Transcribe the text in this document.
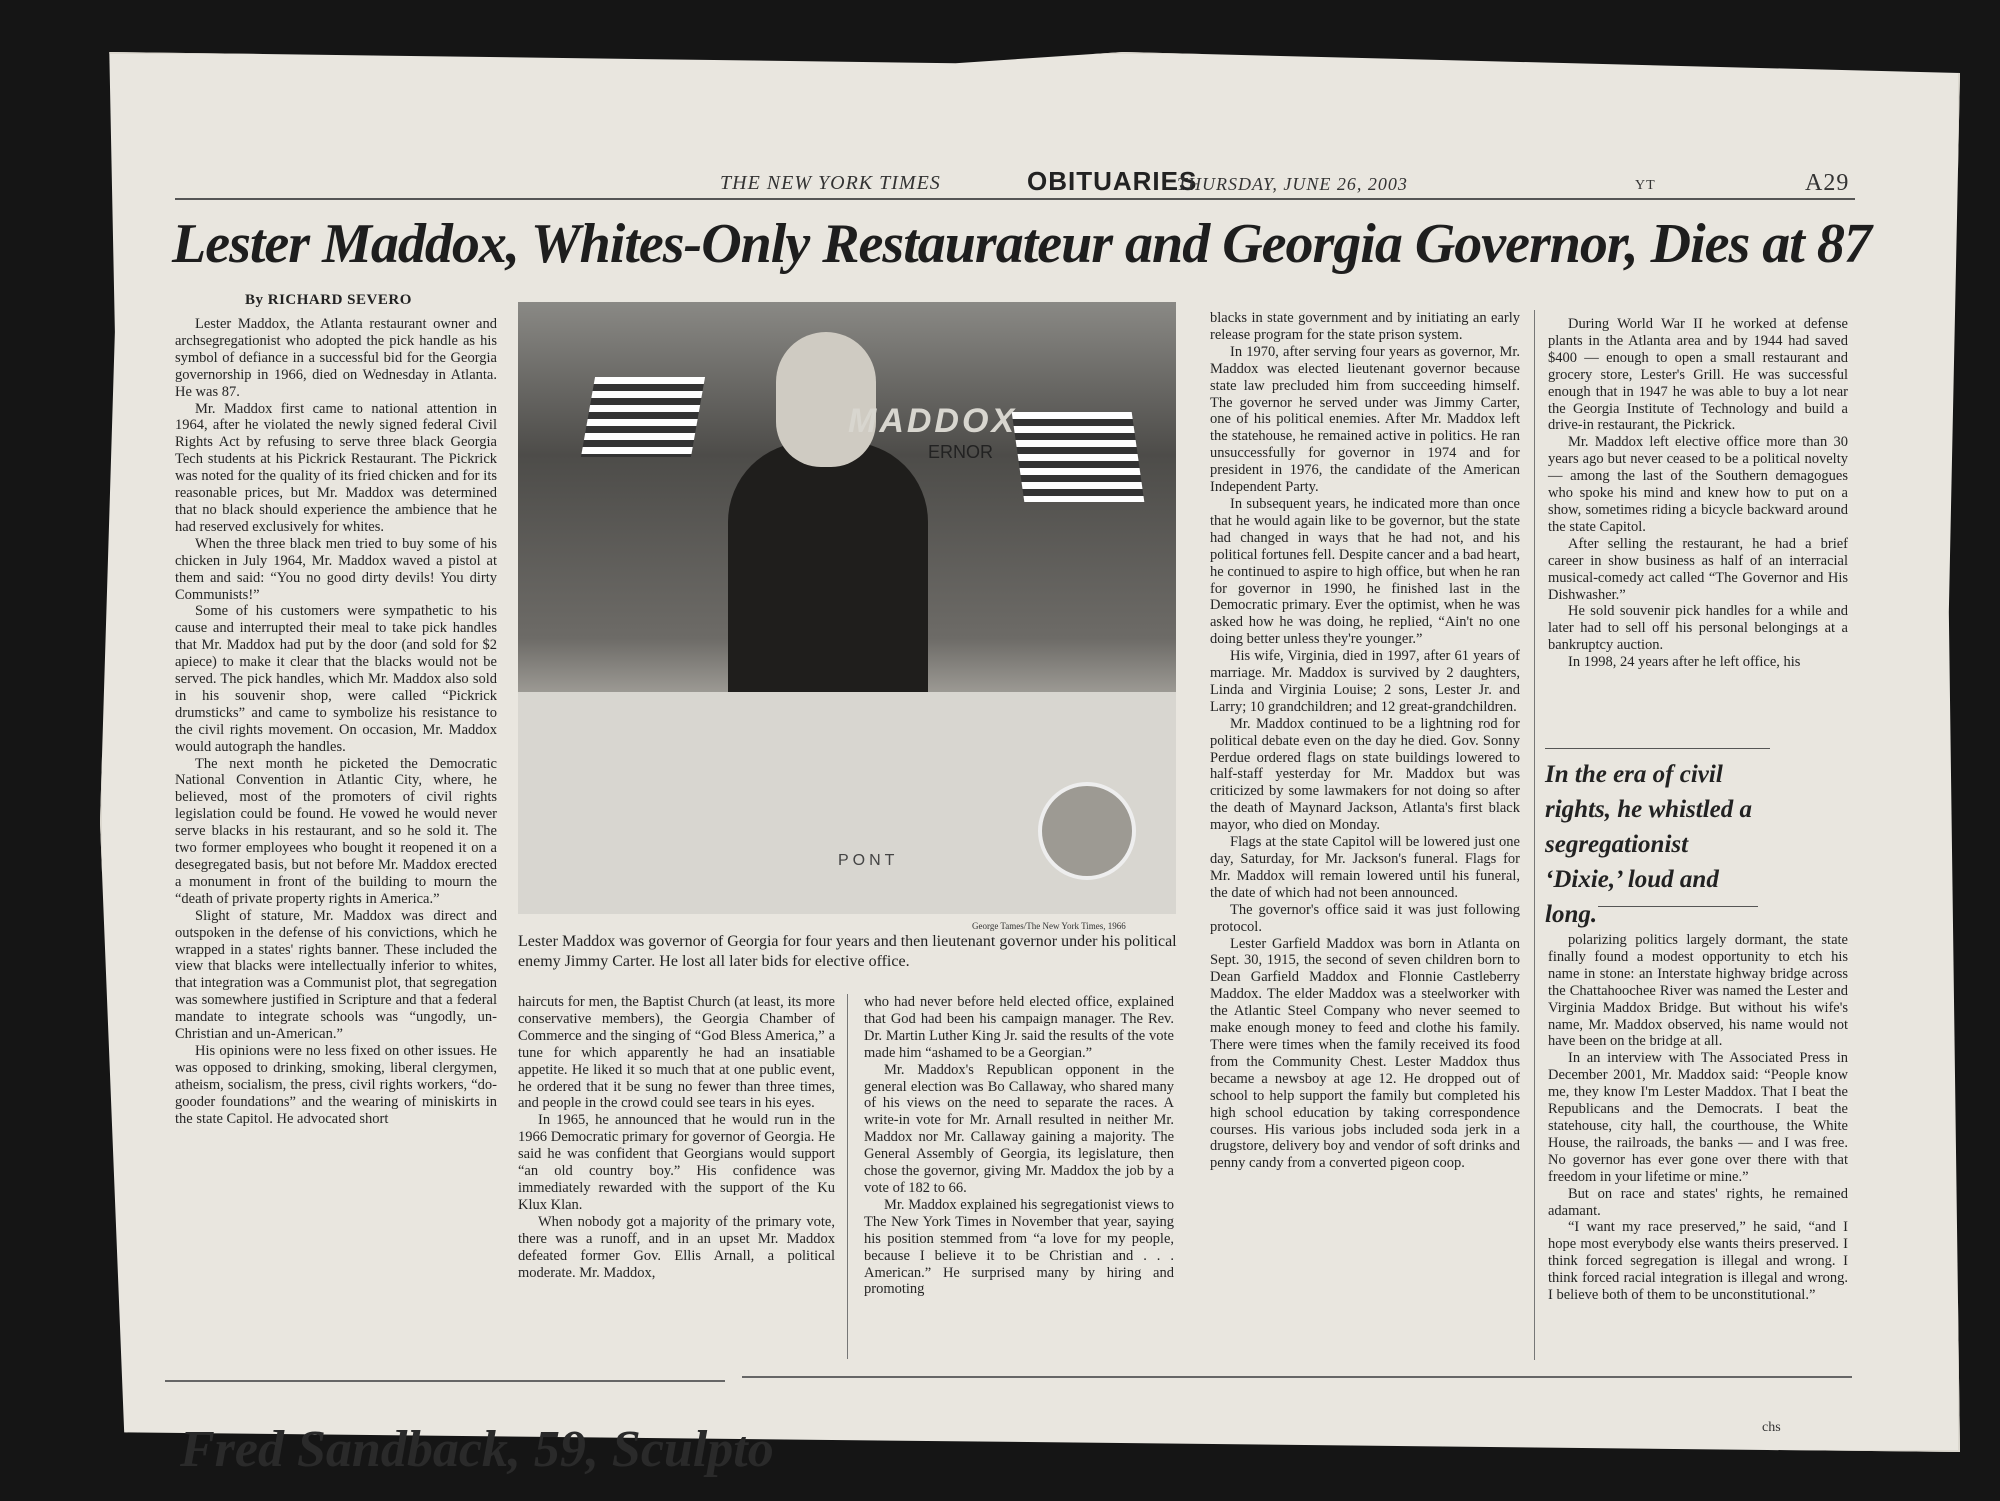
THE NEW YORK TIMES	OBITUARIES
THURSDAY, JUNE 26, 2003	YT	A29
Lester Maddox, Whites-Only Restaurateur and Georgia Governor, Dies at 87
By RICHARD SEVERO

Lester Maddox, the Atlanta restaurant owner and archsegregationist who adopted the pick handle as his symbol of defiance in a successful bid for the Georgia governorship in 1966, died on Wednesday in Atlanta. He was 87.

Mr. Maddox first came to national attention in 1964, after he violated the newly signed federal Civil Rights Act by refusing to serve three black Georgia Tech students at his Pickrick Restaurant. The Pickrick was noted for the quality of its fried chicken and for its reasonable prices, but Mr. Maddox was determined that no black should experience the ambience that he had reserved exclusively for whites.

When the three black men tried to buy some of his chicken in July 1964, Mr. Maddox waved a pistol at them and said: “You no good dirty devils! You dirty Communists!”

Some of his customers were sympathetic to his cause and interrupted their meal to take pick handles that Mr. Maddox had put by the door (and sold for $2 apiece) to make it clear that the blacks would not be served. The pick handles, which Mr. Maddox also sold in his souvenir shop, were called “Pickrick drumsticks” and came to symbolize his resistance to the civil rights movement. On occasion, Mr. Maddox would autograph the handles.

The next month he picketed the Democratic National Convention in Atlantic City, where, he believed, most of the promoters of civil rights legislation could be found. He vowed he would never serve blacks in his restaurant, and so he sold it. The two former employees who bought it reopened it on a desegregated basis, but not before Mr. Maddox erected a monument in front of the building to mourn the “death of private property rights in America.”

Slight of stature, Mr. Maddox was direct and outspoken in the defense of his convictions, which he wrapped in a states' rights banner. These included the view that blacks were intellectually inferior to whites, that integration was a Communist plot, that segregation was somewhere justified in Scripture and that a federal mandate to integrate schools was “ungodly, un-Christian and un-American.”

His opinions were no less fixed on other issues. He was opposed to drinking, smoking, liberal clergymen, atheism, socialism, the press, civil rights workers, “do-gooder foundations” and the wearing of miniskirts in the state Capitol. He advocated short

MADDOX
ERNOR
PONT
George Tames/The New York Times, 1966
Lester Maddox was governor of Georgia for four years and then lieutenant governor under his political enemy Jimmy Carter. He lost all later bids for elective office.

haircuts for men, the Baptist Church (at least, its more conservative members), the Georgia Chamber of Commerce and the singing of “God Bless America,” a tune for which apparently he had an insatiable appetite. He liked it so much that at one public event, he ordered that it be sung no fewer than three times, and people in the crowd could see tears in his eyes.

In 1965, he announced that he would run in the 1966 Democratic primary for governor of Georgia. He said he was confident that Georgians would support “an old country boy.” His confidence was immediately rewarded with the support of the Ku Klux Klan.

When nobody got a majority of the primary vote, there was a runoff, and in an upset Mr. Maddox defeated former Gov. Ellis Arnall, a political moderate. Mr. Maddox,

who had never before held elected office, explained that God had been his campaign manager. The Rev. Dr. Martin Luther King Jr. said the results of the vote made him “ashamed to be a Georgian.”

Mr. Maddox's Republican opponent in the general election was Bo Callaway, who shared many of his views on the need to separate the races. A write-in vote for Mr. Arnall resulted in neither Mr. Maddox nor Mr. Callaway gaining a majority. The General Assembly of Georgia, its legislature, then chose the governor, giving Mr. Maddox the job by a vote of 182 to 66.

Mr. Maddox explained his segregationist views to The New York Times in November that year, saying his position stemmed from “a love for my people, because I believe it to be Christian and . . . American.” He surprised many by hiring and promoting

blacks in state government and by initiating an early release program for the state prison system.

In 1970, after serving four years as governor, Mr. Maddox was elected lieutenant governor because state law precluded him from succeeding himself. The governor he served under was Jimmy Carter, one of his political enemies. After Mr. Maddox left the statehouse, he remained active in politics. He ran unsuccessfully for governor in 1974 and for president in 1976, the candidate of the American Independent Party.

In subsequent years, he indicated more than once that he would again like to be governor, but the state had changed in ways that he had not, and his political fortunes fell. Despite cancer and a bad heart, he continued to aspire to high office, but when he ran for governor in 1990, he finished last in the Democratic primary. Ever the optimist, when he was asked how he was doing, he replied, “Ain't no one doing better unless they're younger.”

His wife, Virginia, died in 1997, after 61 years of marriage. Mr. Maddox is survived by 2 daughters, Linda and Virginia Louise; 2 sons, Lester Jr. and Larry; 10 grandchildren; and 12 great-grandchildren.

Mr. Maddox continued to be a lightning rod for political debate even on the day he died. Gov. Sonny Perdue ordered flags on state buildings lowered to half-staff yesterday for Mr. Maddox but was criticized by some lawmakers for not doing so after the death of Maynard Jackson, Atlanta's first black mayor, who died on Monday.

Flags at the state Capitol will be lowered just one day, Saturday, for Mr. Jackson's funeral. Flags for Mr. Maddox will remain lowered until his funeral, the date of which had not been announced.

The governor's office said it was just following protocol.

Lester Garfield Maddox was born in Atlanta on Sept. 30, 1915, the second of seven children born to Dean Garfield Maddox and Flonnie Castleberry Maddox. The elder Maddox was a steelworker with the Atlantic Steel Company who never seemed to make enough money to feed and clothe his family. There were times when the family received its food from the Community Chest. Lester Maddox thus became a newsboy at age 12. He dropped out of school to help support the family but completed his high school education by taking correspondence courses. His various jobs included soda jerk in a drugstore, delivery boy and vendor of soft drinks and penny candy from a converted pigeon coop.

During World War II he worked at defense plants in the Atlanta area and by 1944 had saved $400 — enough to open a small restaurant and grocery store, Lester's Grill. He was successful enough that in 1947 he was able to buy a lot near the Georgia Institute of Technology and build a drive-in restaurant, the Pickrick.

Mr. Maddox left elective office more than 30 years ago but never ceased to be a political novelty — among the last of the Southern demagogues who spoke his mind and knew how to put on a show, sometimes riding a bicycle backward around the state Capitol.

After selling the restaurant, he had a brief career in show business as half of an interracial musical-comedy act called “The Governor and His Dishwasher.”

He sold souvenir pick handles for a while and later had to sell off his personal belongings at a bankruptcy auction.

In 1998, 24 years after he left office, his

In the era of civil rights, he whistled a segregationist ‘Dixie,’ loud and long.

polarizing politics largely dormant, the state finally found a modest opportunity to etch his name in stone: an Interstate highway bridge across the Chattahoochee River was named the Lester and Virginia Maddox Bridge. But without his wife's name, Mr. Maddox observed, his name would not have been on the bridge at all.

In an interview with The Associated Press in December 2001, Mr. Maddox said: “People know me, they know I'm Lester Maddox. That I beat the Republicans and the Democrats. I beat the statehouse, city hall, the courthouse, the White House, the railroads, the banks — and I was free. No governor has ever gone over there with that freedom in your lifetime or mine.”

But on race and states' rights, he remained adamant.

“I want my race preserved,” he said, “and I hope most everybody else wants theirs preserved. I think forced segregation is illegal and wrong. I think forced racial integration is illegal and wrong. I believe both of them to be unconstitutional.”

Fred Sandback, 59, Sculpto	chs
